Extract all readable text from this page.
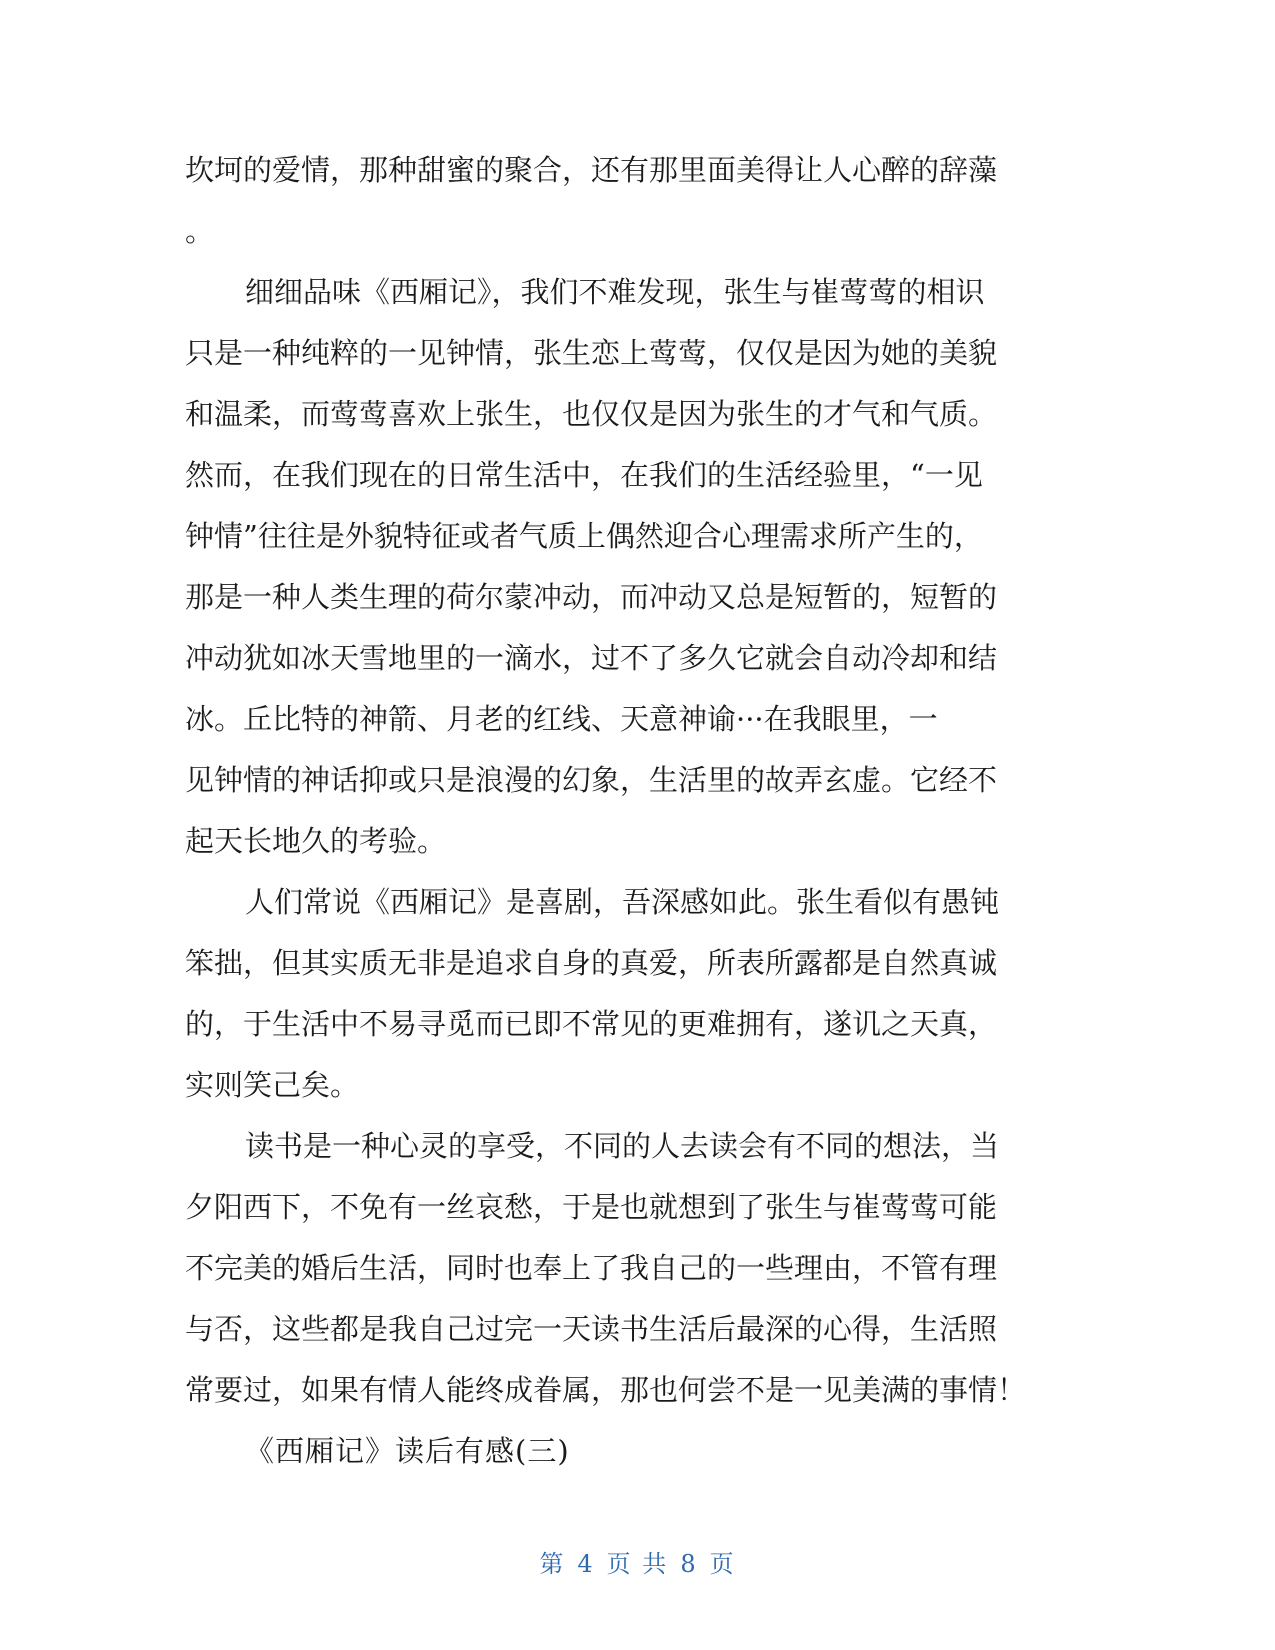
坎坷的爱情，那种甜蜜的聚合，还有那里面美得让人心醉的辞藻
。
细细品味《西厢记》，我们不难发现，张生与崔莺莺的相识
只是一种纯粹的一见钟情，张生恋上莺莺，仅仅是因为她的美貌
和温柔，而莺莺喜欢上张生，也仅仅是因为张生的才气和气质。
然而，在我们现在的日常生活中，在我们的生活经验里，“一见
钟情”往往是外貌特征或者气质上偶然迎合心理需求所产生的，
那是一种人类生理的荷尔蒙冲动，而冲动又总是短暂的，短暂的
冲动犹如冰天雪地里的一滴水，过不了多久它就会自动冷却和结
冰。丘比特的神箭、月老的红线、天意神谕···在我眼里，一
见钟情的神话抑或只是浪漫的幻象，生活里的故弄玄虚。它经不
起天长地久的考验。
人们常说《西厢记》是喜剧，吾深感如此。张生看似有愚钝
笨拙，但其实质无非是追求自身的真爱，所表所露都是自然真诚
的，于生活中不易寻觅而已即不常见的更难拥有，遂讥之天真，
实则笑己矣。
读书是一种心灵的享受，不同的人去读会有不同的想法，当
夕阳西下，不免有一丝哀愁，于是也就想到了张生与崔莺莺可能
不完美的婚后生活，同时也奉上了我自己的一些理由，不管有理
与否，这些都是我自己过完一天读书生活后最深的心得，生活照
常要过，如果有情人能终成眷属，那也何尝不是一见美满的事情！
《西厢记》读后有感(三)
第 4 页 共 8 页
